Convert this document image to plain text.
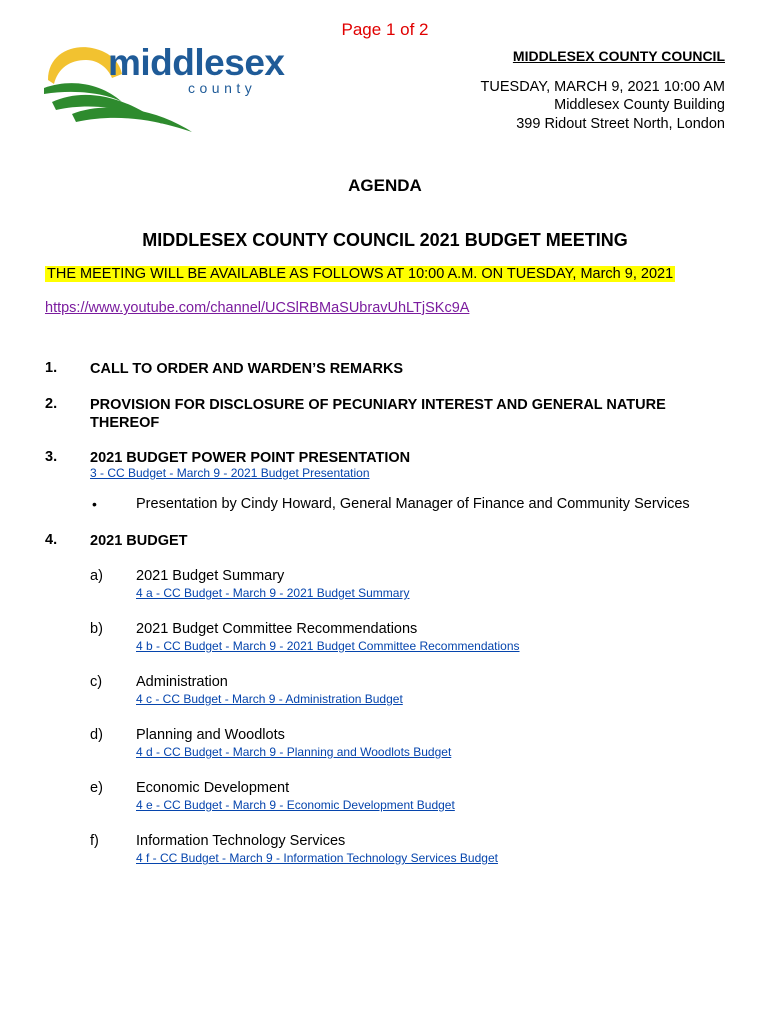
Page 1 of 2
middlesex
county
MIDDLESEX COUNTY COUNCIL
TUESDAY, MARCH 9, 2021 10:00 AM
Middlesex County Building
399 Ridout Street North, London
AGENDA
MIDDLESEX COUNTY COUNCIL 2021 BUDGET MEETING
THE MEETING WILL BE AVAILABLE AS FOLLOWS AT 10:00 A.M. ON TUESDAY, March 9, 2021
https://www.youtube.com/channel/UCSlRBMaSUbravUhLTjSKc9A
1. CALL TO ORDER AND WARDEN’S REMARKS
2. PROVISION FOR DISCLOSURE OF PECUNIARY INTEREST AND GENERAL NATURE THEREOF
3. 2021 BUDGET POWER POINT PRESENTATION
3 - CC Budget - March 9 - 2021 Budget Presentation
•	Presentation by Cindy Howard, General Manager of Finance and Community Services
4. 2021 BUDGET
a) 2021 Budget Summary
4 a - CC Budget - March 9 - 2021 Budget Summary
b) 2021 Budget Committee Recommendations
4 b - CC Budget - March 9 - 2021 Budget Committee Recommendations
c) Administration
4 c - CC Budget - March 9 - Administration Budget
d) Planning and Woodlots
4 d - CC Budget - March 9 - Planning and Woodlots Budget
e) Economic Development
4 e - CC Budget - March 9 - Economic Development Budget
f)	Information Technology Services
4 f - CC Budget - March 9 - Information Technology Services Budget
